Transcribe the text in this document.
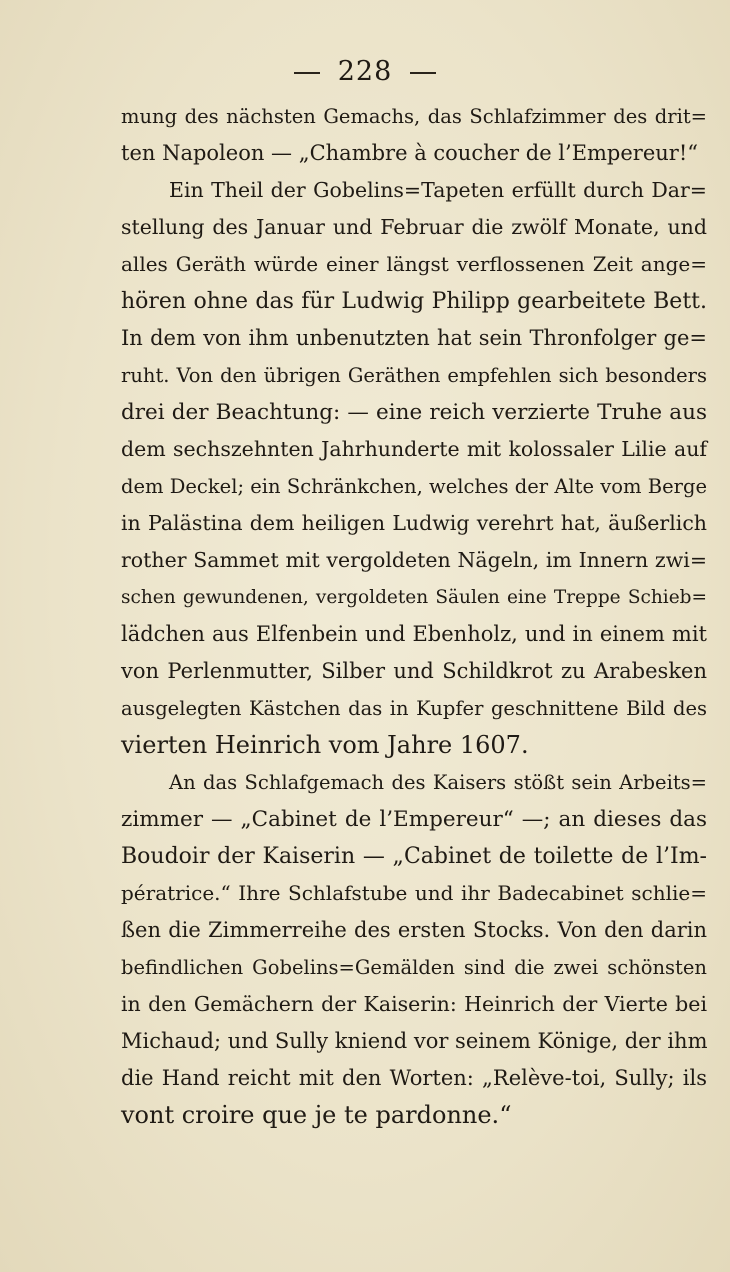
228
mung des nächsten Gemachs, das Schlafzimmer des drit=
ten Napoleon — „Chambre à coucher de l’Empereur!“
Ein Theil der Gobelins=Tapeten erfüllt durch Dar=
stellung des Januar und Februar die zwölf Monate, und
alles Geräth würde einer längst verflossenen Zeit ange=
hören ohne das für Ludwig Philipp gearbeitete Bett.
In dem von ihm unbenutzten hat sein Thronfolger ge=
ruht. Von den übrigen Geräthen empfehlen sich besonders
drei der Beachtung: — eine reich verzierte Truhe aus
dem sechszehnten Jahrhunderte mit kolossaler Lilie auf
dem Deckel; ein Schränkchen, welches der Alte vom Berge
in Palästina dem heiligen Ludwig verehrt hat, äußerlich
rother Sammet mit vergoldeten Nägeln, im Innern zwi=
schen gewundenen, vergoldeten Säulen eine Treppe Schieb=
lädchen aus Elfenbein und Ebenholz, und in einem mit
von Perlenmutter, Silber und Schildkrot zu Arabesken
ausgelegten Kästchen das in Kupfer geschnittene Bild des
vierten Heinrich vom Jahre 1607.
An das Schlafgemach des Kaisers stößt sein Arbeits=
zimmer — „Cabinet de l’Empereur“ —; an dieses das
Boudoir der Kaiserin — „Cabinet de toilette de l’Im-
pératrice.“ Ihre Schlafstube und ihr Badecabinet schlie=
ßen die Zimmerreihe des ersten Stocks. Von den darin
befindlichen Gobelins=Gemälden sind die zwei schönsten
in den Gemächern der Kaiserin: Heinrich der Vierte bei
Michaud; und Sully kniend vor seinem Könige, der ihm
die Hand reicht mit den Worten: „Relève-toi, Sully; ils
vont croire que je te pardonne.“
